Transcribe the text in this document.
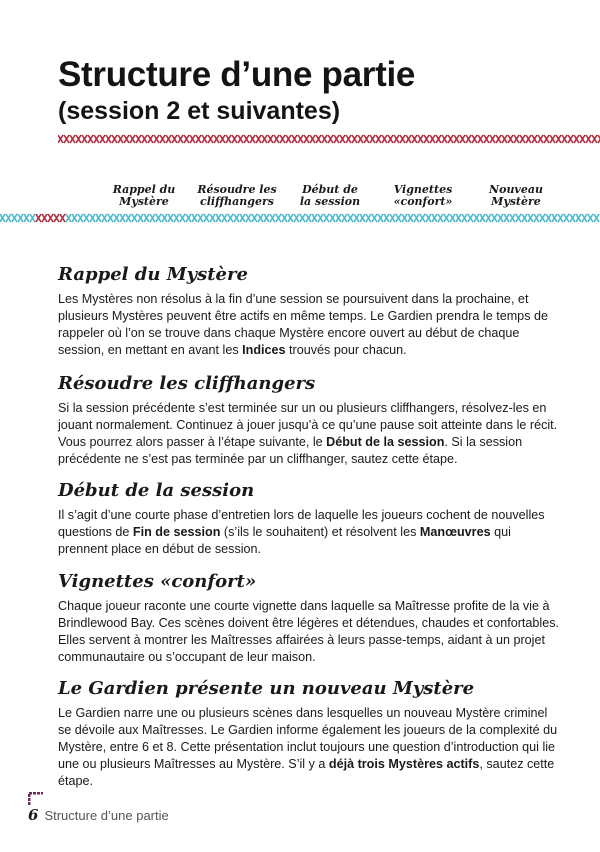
Structure d’une partie
(session 2 et suivantes)
Rappel du
Mystère
Résoudre les
cliffhangers
Début de
la session
Vignettes
«confort»
Nouveau
Mystère
Rappel du Mystère

Les Mystères non résolus à la fin d’une session se poursuivent dans la prochaine, et plusieurs Mystères peuvent être actifs en même temps. Le Gardien prendra le temps de rappeler où l’on se trouve dans chaque Mystère encore ouvert au début de chaque session, en mettant en avant les Indices trouvés pour chacun.

Résoudre les cliffhangers

Si la session précédente s’est terminée sur un ou plusieurs cliffhangers, résolvez-les en jouant normalement. Continuez à jouer jusqu’à ce qu’une pause soit atteinte dans le récit. Vous pourrez alors passer à l’étape suivante, le Début de la session. Si la session précédente ne s’est pas terminée par un cliffhanger, sautez cette étape.

Début de la session

Il s’agit d’une courte phase d’entretien lors de laquelle les joueurs cochent de nouvelles questions de Fin de session (s’ils le souhaitent) et résolvent les Manœuvres qui prennent place en début de session.

Vignettes «confort»

Chaque joueur raconte une courte vignette dans laquelle sa Maîtresse profite de la vie à Brindlewood Bay. Ces scènes doivent être légères et détendues, chaudes et confortables. Elles servent à montrer les Maîtresses affairées à leurs passe-temps, aidant à un projet communautaire ou s’occupant de leur maison.

Le Gardien présente un nouveau Mystère

Le Gardien narre une ou plusieurs scènes dans lesquelles un nouveau Mystère criminel se dévoile aux Maîtresses. Le Gardien informe également les joueurs de la complexité du Mystère, entre 6 et 8. Cette présentation inclut toujours une question d’introduction qui lie une ou plusieurs Maîtresses au Mystère. S’il y a déjà trois Mystères actifs, sautez cette étape.

6 Structure d’une partie
